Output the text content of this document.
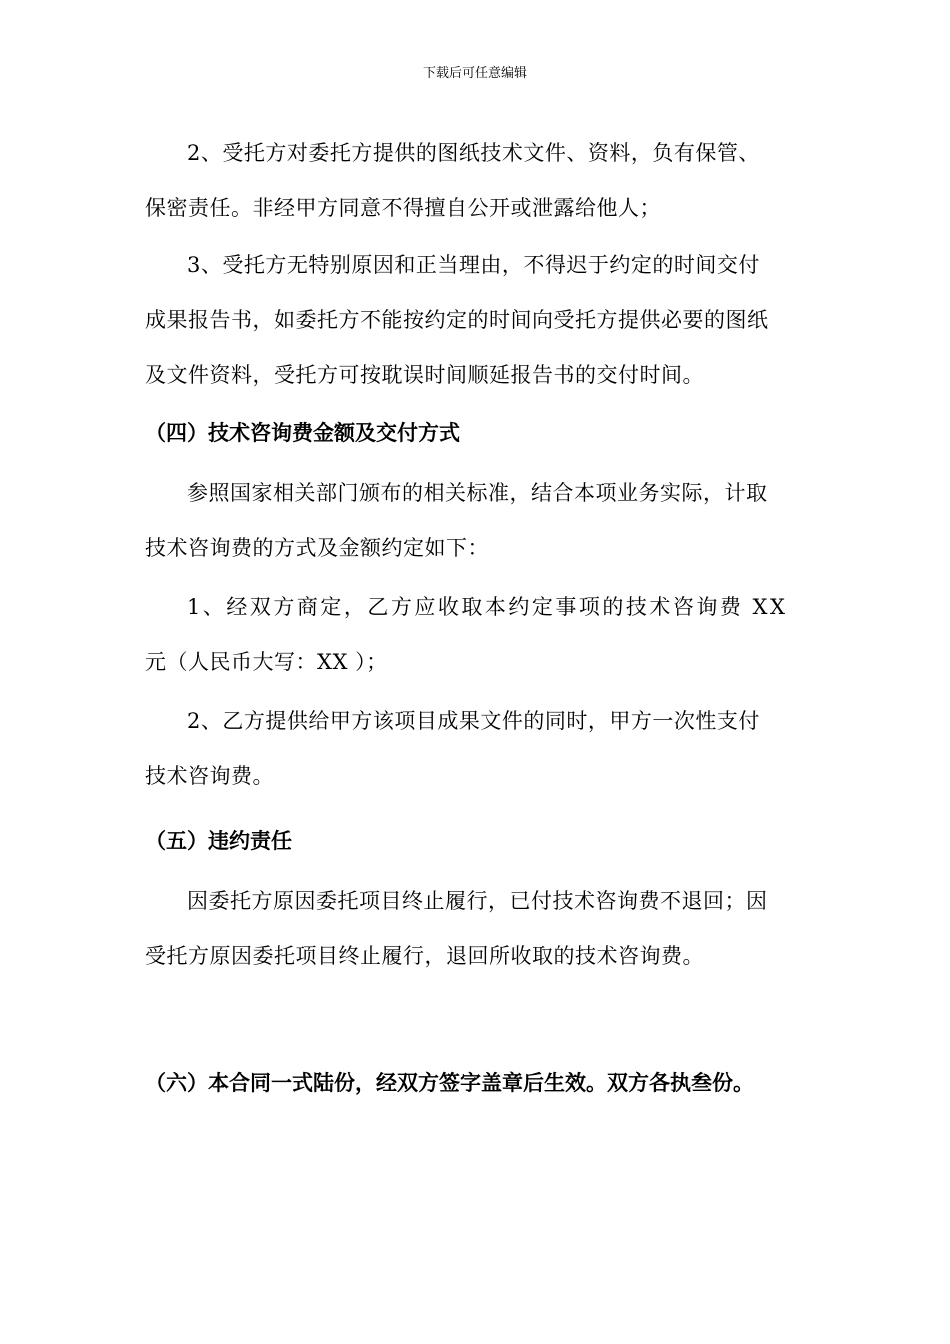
下载后可任意编辑
2、受托方对委托方提供的图纸技术文件、资料，负有保管、
保密责任。非经甲方同意不得擅自公开或泄露给他人；
3、受托方无特别原因和正当理由，不得迟于约定的时间交付
成果报告书，如委托方不能按约定的时间向受托方提供必要的图纸
及文件资料，受托方可按耽误时间顺延报告书的交付时间。
（四）技术咨询费金额及交付方式
参照国家相关部门颁布的相关标准，结合本项业务实际，计取
技术咨询费的方式及金额约定如下：
1、经双方商定，乙方应收取本约定事项的技术咨询费 XX
元（人民币大写：XX ）；
2、乙方提供给甲方该项目成果文件的同时，甲方一次性支付
技术咨询费。
（五）违约责任
因委托方原因委托项目终止履行，已付技术咨询费不退回；因
受托方原因委托项目终止履行，退回所收取的技术咨询费。
（六）本合同一式陆份，经双方签字盖章后生效。双方各执叁份。
